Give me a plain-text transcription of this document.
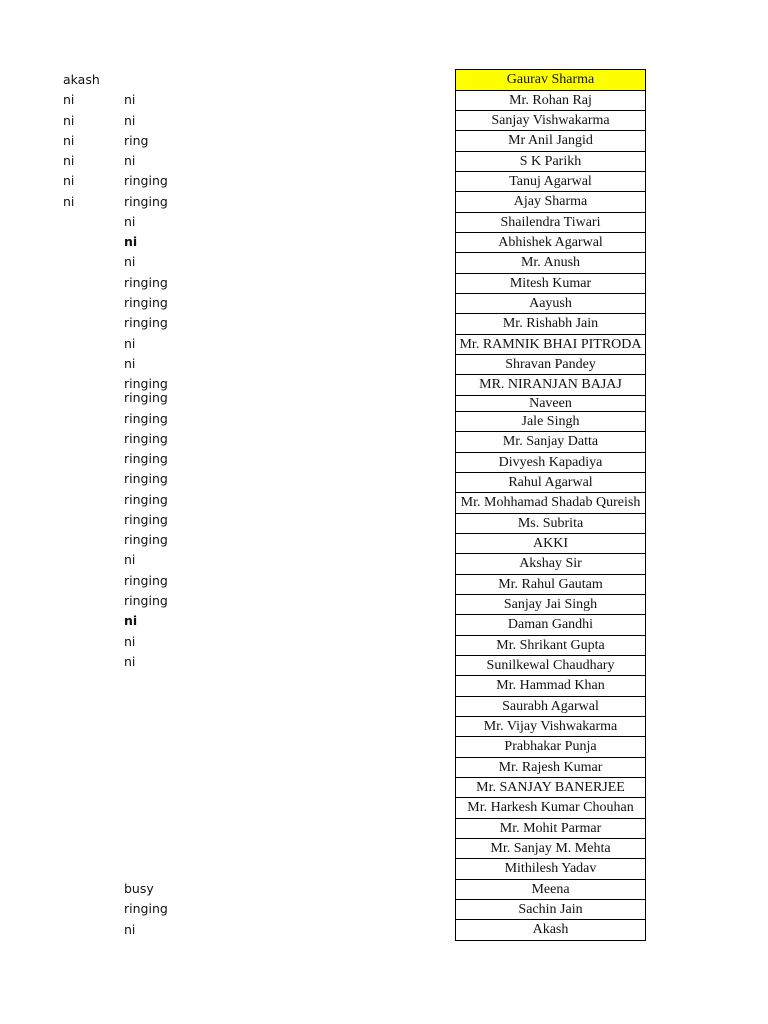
akash
ni
ni
ni
ni
ni
ni
ni
ni
ring
ni
ringing
ringing
ni
ni
ni
ringing
ringing
ringing
ni
ni
ringing
ringing
ringing
ringing
ringing
ringing
ringing
ringing
ringing
ni
ringing
ringing
ni
ni
ni
busy
ringing
ni
Gaurav Sharma
Mr. Rohan Raj
Sanjay Vishwakarma
Mr Anil Jangid
S K Parikh
Tanuj Agarwal
Ajay Sharma
Shailendra Tiwari
Abhishek Agarwal
Mr. Anush
Mitesh Kumar
Aayush
Mr. Rishabh Jain
Mr. RAMNIK BHAI PITRODA
Shravan Pandey
MR. NIRANJAN BAJAJ
Naveen
Jale Singh
Mr. Sanjay Datta
Divyesh Kapadiya
Rahul Agarwal
Mr. Mohhamad Shadab Qureish
Ms. Subrita
AKKI
Akshay Sir
Mr. Rahul Gautam
Sanjay Jai Singh
Daman Gandhi
Mr. Shrikant Gupta
Sunilkewal Chaudhary
Mr. Hammad Khan
Saurabh Agarwal
Mr. Vijay Vishwakarma
Prabhakar Punja
Mr. Rajesh Kumar
Mr. SANJAY BANERJEE
Mr. Harkesh Kumar Chouhan
Mr. Mohit Parmar
Mr. Sanjay M. Mehta
Mithilesh Yadav
Meena
Sachin Jain
Akash
